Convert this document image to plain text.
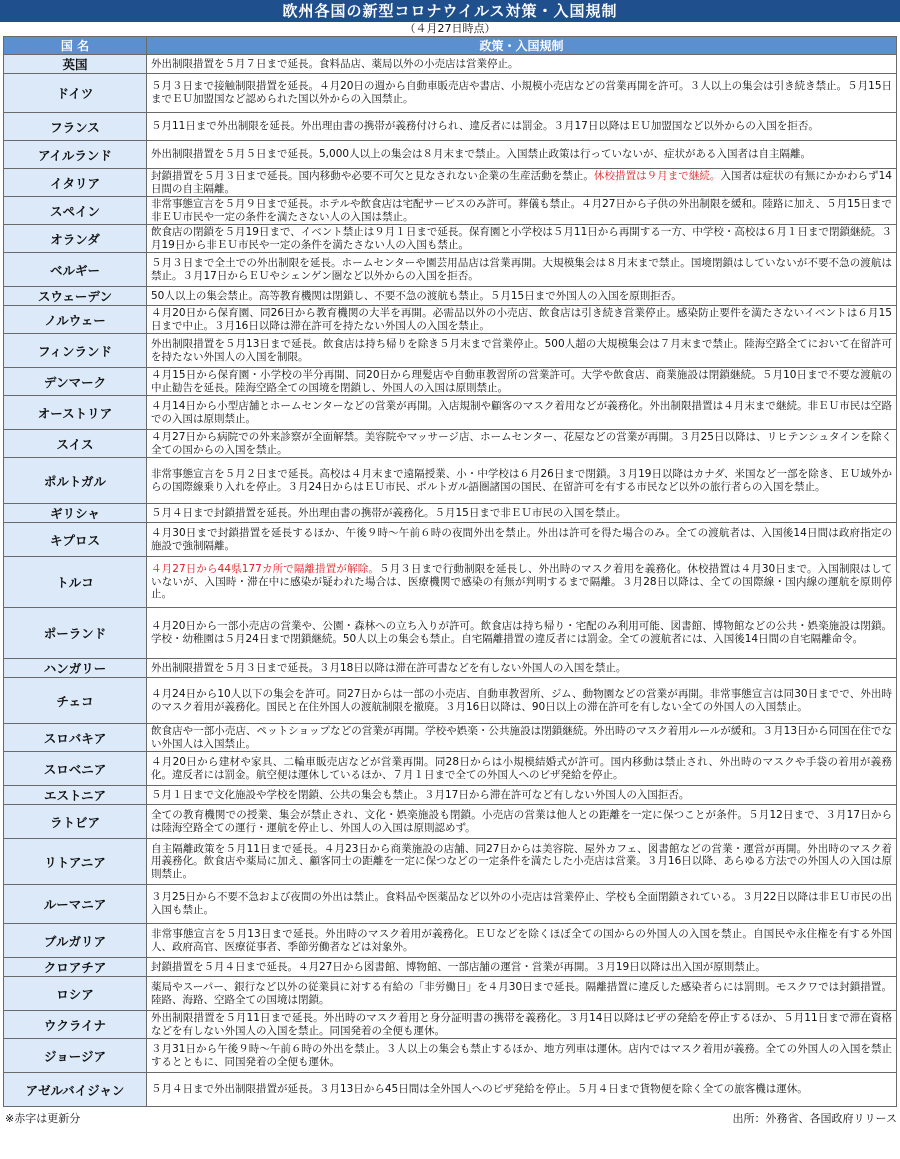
欧州各国の新型コロナウイルス対策・入国規制
（４月27日時点）
国 名	政策・入国規制
英国	外出制限措置を５月７日まで延長。食料品店、薬局以外の小売店は営業停止。
ドイツ	５月３日まで接触制限措置を延長。４月20日の週から自動車販売店や書店、小規模小売店などの営業再開を許可。３人以上の集会は引き続き禁止。５月15日までＥＵ加盟国など認められた国以外からの入国禁止。
フランス	５月11日まで外出制限を延長。外出理由書の携帯が義務付けられ、違反者には罰金。３月17日以降はＥＵ加盟国など以外からの入国を拒否。
アイルランド	外出制限措置を５月５日まで延長。5,000人以上の集会は８月末まで禁止。入国禁止政策は行っていないが、症状がある入国者は自主隔離。
イタリア	封鎖措置を５月３日まで延長。国内移動や必要不可欠と見なされない企業の生産活動を禁止。休校措置は９月まで継続。入国者は症状の有無にかかわらず14日間の自主隔離。
スペイン	非常事態宣言を５月９日まで延長。ホテルや飲食店は宅配サービスのみ許可。葬儀も禁止。４月27日から子供の外出制限を緩和。陸路に加え、５月15日まで非ＥＵ市民や一定の条件を満たさない人の入国は禁止。
オランダ	飲食店の閉鎖を５月19日まで、イベント禁止は９月１日まで延長。保育園と小学校は５月11日から再開する一方、中学校・高校は６月１日まで閉鎖継続。３月19日から非ＥＵ市民や一定の条件を満たさない人の入国も禁止。
ベルギー	５月３日まで全土での外出制限を延長。ホームセンターや園芸用品店は営業再開。大規模集会は８月末まで禁止。国境閉鎖はしていないが不要不急の渡航は禁止。３月17日からＥＵやシェンゲン圏など以外からの入国を拒否。
スウェーデン	50人以上の集会禁止。高等教育機関は閉鎖し、不要不急の渡航も禁止。５月15日まで外国人の入国を原則拒否。
ノルウェー	４月20日から保育園、同26日から教育機関の大半を再開。必需品以外の小売店、飲食店は引き続き営業停止。感染防止要件を満たさないイベントは６月15日まで中止。３月16日以降は滞在許可を持たない外国人の入国を禁止。
フィンランド	外出制限措置を５月13日まで延長。飲食店は持ち帰りを除き５月末まで営業停止。500人超の大規模集会は７月末まで禁止。陸海空路全てにおいて在留許可を持たない外国人の入国を制限。
デンマーク	４月15日から保育園・小学校の半分再開、同20日から理髪店や自動車教習所の営業許可。大学や飲食店、商業施設は閉鎖継続。５月10日まで不要な渡航の中止勧告を延長。陸海空路全ての国境を閉鎖し、外国人の入国は原則禁止。
オーストリア	４月14日から小型店舗とホームセンターなどの営業が再開。入店規制や顧客のマスク着用などが義務化。外出制限措置は４月末まで継続。非ＥＵ市民は空路での入国は原則禁止。
スイス	４月27日から病院での外来診察が全面解禁。美容院やマッサージ店、ホームセンター、花屋などの営業が再開。３月25日以降は、リヒテンシュタインを除く全ての国からの入国を禁止。
ポルトガル	非常事態宣言を５月２日まで延長。高校は４月末まで遠隔授業、小・中学校は６月26日まで閉鎖。３月19日以降はカナダ、米国など一部を除き、ＥＵ域外からの国際線乗り入れを停止。３月24日からはＥＵ市民、ポルトガル語圏諸国の国民、在留許可を有する市民など以外の旅行者らの入国を禁止。
ギリシャ	５月４日まで封鎖措置を延長。外出理由書の携帯が義務化。５月15日まで非ＥＵ市民の入国を禁止。
キプロス	４月30日まで封鎖措置を延長するほか、午後９時～午前６時の夜間外出を禁止。外出は許可を得た場合のみ。全ての渡航者は、入国後14日間は政府指定の施設で強制隔離。
トルコ	４月27日から44県177カ所で隔離措置が解除。５月３日まで行動制限を延長し、外出時のマスク着用を義務化。休校措置は４月30日まで。入国制限はしていないが、入国時・滞在中に感染が疑われた場合は、医療機関で感染の有無が判明するまで隔離。３月28日以降は、全ての国際線・国内線の運航を原則停止。
ポーランド	４月20日から一部小売店の営業や、公園・森林への立ち入りが許可。飲食店は持ち帰り・宅配のみ利用可能、図書館、博物館などの公共・娯楽施設は閉鎖。学校・幼稚園は５月24日まで閉鎖継続。50人以上の集会も禁止。自宅隔離措置の違反者には罰金。全ての渡航者には、入国後14日間の自宅隔離命令。
ハンガリー	外出制限措置を５月３日まで延長。３月18日以降は滞在許可書などを有しない外国人の入国を禁止。
チェコ	４月24日から10人以下の集会を許可。同27日からは一部の小売店、自動車教習所、ジム、動物園などの営業が再開。非常事態宣言は同30日までで、外出時のマスク着用が義務化。国民と在住外国人の渡航制限を撤廃。３月16日以降は、90日以上の滞在許可を有しない全ての外国人の入国禁止。
スロバキア	飲食店や一部小売店、ペットショップなどの営業が再開。学校や娯楽・公共施設は閉鎖継続。外出時のマスク着用ルールが緩和。３月13日から同国在住でない外国人は入国禁止。
スロベニア	４月20日から建材や家具、二輪車販売店などが営業再開。同28日からは小規模結婚式が許可。国内移動は禁止され、外出時のマスクや手袋の着用が義務化。違反者には罰金。航空便は運休しているほか、７月１日まで全ての外国人へのビザ発給を停止。
エストニア	５月１日まで文化施設や学校を閉鎖、公共の集会も禁止。３月17日から滞在許可など有しない外国人の入国拒否。
ラトビア	全ての教育機関での授業、集会が禁止され、文化・娯楽施設も閉鎖。小売店の営業は他人との距離を一定に保つことが条件。５月12日まで、３月17日からは陸海空路全ての運行・運航を停止し、外国人の入国は原則認めず。
リトアニア	自主隔離政策を５月11日まで延長。４月23日から商業施設の店舗、同27日からは美容院、屋外カフェ、図書館などの営業・運営が再開。外出時のマスク着用義務化。飲食店や薬局に加え、顧客同士の距離を一定に保つなどの一定条件を満たした小売店は営業。３月16日以降、あらゆる方法での外国人の入国は原則禁止。
ルーマニア	３月25日から不要不急および夜間の外出は禁止。食料品や医薬品など以外の小売店は営業停止、学校も全面閉鎖されている。３月22日以降は非ＥＵ市民の出入国も禁止。
ブルガリア	非常事態宣言を５月13日まで延長。外出時のマスク着用が義務化。ＥＵなどを除くほぼ全ての国からの外国人の入国を禁止。自国民や永住権を有する外国人、政府高官、医療従事者、季節労働者などは対象外。
クロアチア	封鎖措置を５月４日まで延長。４月27日から図書館、博物館、一部店舗の運営・営業が再開。３月19日以降は出入国が原則禁止。
ロシア	薬局やスーパー、銀行など以外の従業員に対する有給の「非労働日」を４月30日まで延長。隔離措置に違反した感染者らには罰則。モスクワでは封鎖措置。陸路、海路、空路全ての国境は閉鎖。
ウクライナ	外出制限措置を５月11日まで延長。外出時のマスク着用と身分証明書の携帯を義務化。３月14日以降はビザの発給を停止するほか、５月11日まで滞在資格などを有しない外国人の入国を禁止。同国発着の全便も運休。
ジョージア	３月31日から午後９時～午前６時の外出を禁止。３人以上の集会も禁止するほか、地方列車は運休。店内ではマスク着用が義務。全ての外国人の入国を禁止するとともに、同国発着の全便も運休。
アゼルバイジャン	５月４日まで外出制限措置が延長。３月13日から45日間は全外国人へのビザ発給を停止。５月４日まで貨物便を除く全ての旅客機は運休。
※赤字は更新分	出所：外務省、各国政府リリース
